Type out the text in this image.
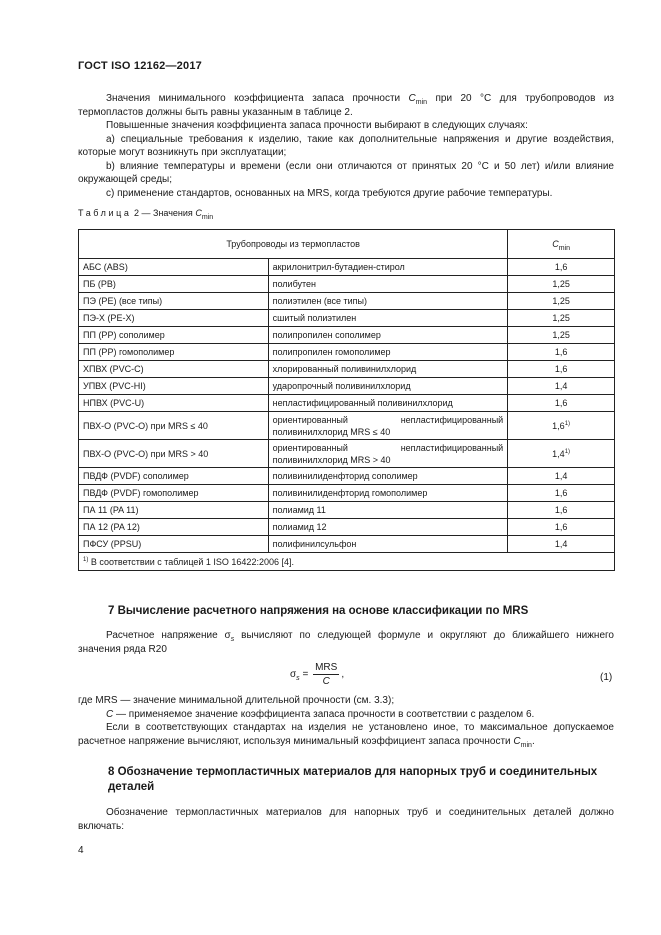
ГОСТ ISO 12162—2017

Значения минимального коэффициента запаса прочности $C_{min}$ при 20 °С для трубопроводов из термопластов должны быть равны указанным в таблице 2.

Повышенные значения коэффициента запаса прочности выбирают в следующих случаях:

a) специальные требования к изделию, такие как дополнительные напряжения и другие воздействия, которые могут возникнуть при эксплуатации;

b) влияние температуры и времени (если они отличаются от принятых 20 °С и 50 лет) и/или влияние окружающей среды;

c) применение стандартов, основанных на MRS, когда требуются другие рабочие температуры.

Таблица 2 — Значения $C_{min}$
Трубопроводы из термопластов		$C_{min}$
АБС (ABS)	акрилонитрил-бутадиен-стирол	1,6
ПБ (PB)	полибутен	1,25
ПЭ (PE) (все типы)	полиэтилен (все типы)	1,25
ПЭ-Х (PE-X)	сшитый полиэтилен	1,25
ПП (PP) сополимер	полипропилен сополимер	1,25
ПП (PP) гомополимер	полипропилен гомополимер	1,6
ХПВХ (PVC-C)	хлорированный поливинилхлорид	1,6
УПВХ (PVC-HI)	ударопрочный поливинилхлорид	1,4
НПВХ (PVC-U)	непластифицированный поливинилхлорид	1,6
ПВХ-О (PVC-O) при MRS ≤ 40	ориентированный непластифицированный поливинилхлорид MRS ≤ 40	1,6$^{1)}$
ПВХ-О (PVC-O) при MRS > 40	ориентированный непластифицированный поливинилхлорид MRS > 40	1,4$^{1)}$
ПВДФ (PVDF) сополимер	поливинилиденфторид сополимер	1,4
ПВДФ (PVDF) гомополимер	поливинилиденфторид гомополимер	1,6
ПА 11 (PA 11)	полиамид 11	1,6
ПА 12 (PA 12)	полиамид 12	1,6
ПФСУ (PPSU)	полифинилсульфон	1,4
$^{1)}$ В соответствии с таблицей 1 ISO 16422:2006 [4].		
7 Вычисление расчетного напряжения на основе классификации по MRS

Расчетное напряжение $\sigma_s$ вычисляют по следующей формуле и округляют до ближайшего нижнего значения ряда R20

$\sigma_s = \frac{\text{MRS}}{C}$ ,	(1)

где MRS — значение минимальной длительной прочности (см. 3.3);

C — применяемое значение коэффициента запаса прочности в соответствии с разделом 6.

Если в соответствующих стандартах на изделия не установлено иное, то максимальное допускаемое расчетное напряжение вычисляют, используя минимальный коэффициент запаса прочности $C_{min}$.

8 Обозначение термопластичных материалов для напорных труб и соединительных деталей

Обозначение термопластичных материалов для напорных труб и соединительных деталей должно включать:

4
